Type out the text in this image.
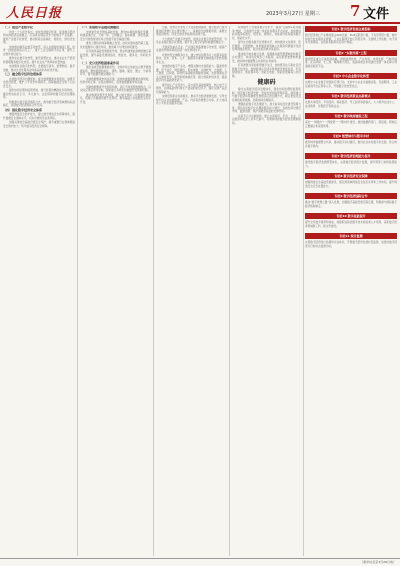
人民日报	2023年3月27日 星期三 7 文件

（二）推进产业数字化

党的二十大报告指出，加快发展数字经济，促进数字经济和实体经济深度融合，打造具有国际竞争力的数字产业集群。推进产业数字化转型，推动制造业高端化、智能化、绿色化发展。

加快推动制造业数字化转型，深入实施智能制造工程，培育一批智能制造示范工厂，推广工业互联网平台应用，提升工业软件供给能力。

推进农业数字化转型，建设智慧农业，推动农业生产经营和管理服务数字化改造，提升农业生产效率和质量效益。

加快服务业数字化转型，发展数字商务、智慧物流、数字金融，推动生活性服务业向高品质和多样化升级。

（三）健全数字经济治理体系

完善数字经济治理规则，健全数据要素市场规则，加强平台经济监管，维护公平竞争市场秩序，保障数据安全和个人信息安全。

强化协同治理和监管机制，提升监管的精准性和有效性，推动形成政府主导、多元参与、法治保障的数字经济治理格局。

积极参与数字经济国际合作，推动数字经济领域规则标准制定，拓展数字经济国际合作空间。

（四）强化数字经济安全体系

增强网络安全防护能力，建立健全网络安全保障体系，提升数据安全保障水平，切实有效防范各类风险。

加强关键信息基础设施安全保护，提升重要行业领域网络安全防护能力，筑牢数字经济安全屏障。

（一）加强数字基础设施建设

加快建设信息网络基础设施，推进5G网络规模化部署，构建高速泛在、天地一体、云网融合、智能敏捷、绿色低碳、安全可控的智能化综合性数字信息基础设施。

推进云网协同和算网融合发展，加快实施东数西算工程，优化数据中心建设布局，推进算力与网络协同建设。

有序推进基础设施智能升级，稳步构建智能高效的融合基础设施，提升基础设施网络化、智能化、服务化、协同化水平。

（二）充分发挥数据要素作用

强化高质量数据要素供给，支持市场主体依法合规开展数据采集，聚焦数据的标注、清洗、脱敏、脱密、聚合、分析等环节，提升数据资源处理能力。

加快数据要素市场化流通，加快构建数据要素市场规则，培育市场主体、完善治理体系，促进数据要素市场流通。

创新数据要素开发利用机制，适应不同类型数据特点，以实际应用需求为导向，探索建立多样化的数据开发利用机制。

推动数据资源开发利用，建立健全国家公共数据资源体系，统筹公共数据资源开发利用，推动基础公共数据安全有序开放。

当前，世界百年未有之大变局加速演进，数字经济已成为推动经济增长的主要引擎之一，是重组全球要素资源、重塑全球经济结构、改变全球竞争格局的关键力量。

大力推进产业数字化转型，加快企业数字化转型升级，引导企业强化数字化思维，提升员工数字技能和数据管理能力。

全面深化重点行业、产业园区和集群数字化转型，提高产业链协作效率和供应链一体化协同水平。

培育转型支撑服务生态，建立市场化服务与公共服务双轮驱动，技术、资本、人才、数据等多要素支撑的数字化转型服务生态。

加快推动数字产业化，增强关键技术创新能力，瞄准传感器、量子信息、网络通信、集成电路、关键软件、大数据、人工智能、区块链、新材料等战略性前瞻性领域，发挥我国社会主义制度优势、新型举国体制优势、超大规模市场优势，提高数字技术基础研发能力。

提升核心产业竞争力，着力提升基础软硬件、核心电子元器件、关键基础材料和生产装备的供给水平，强化关键产品自给保障能力。

加快培育新业态新模式，推动平台经济健康发展，引导支持平台企业加强数据、产品、内容等资源整合共享，扩大协同办公平台在线服务范围。

持续提升公共服务数字化水平，提高“互联网+政务服务”效能，全面提升全国一体化政务服务平台功能，加快推进政务服务标准化、规范化、便利化，持续提升政务服务数字化、智能化水平。

提升社会服务数字化普惠水平，加快推动文化教育、医疗健康、会展旅游、体育健身等领域公共服务资源数字化供给和网络化服务，促进优质资源共享复用。

推动数字城乡融合发展，统筹推动新型智慧城市和数字乡村建设，协同优化城乡公共服务。深化新型智慧城市建设，推动城市数据整合共享和业务协同。

打造智慧共享的新型数字生活，加快既有住宅和社区设施数字化改造，鼓励新建小区同步规划建设智能系统，打造智能楼宇、智能停车场、智能充电桩、智能垃圾箱等公共设施。

健康码

健全完善数字经济治理体系，强化协同治理和监管机制，规范数字经济发展，坚持发展和监管两手抓。探索建立与数字经济持续健康发展相适应的治理方式，制定更加灵活有效的政策措施，创新协同治理模式。

增强政府数字化治理能力，加大政务信息化建设统筹力度，强化政府数字化治理和服务能力建设，有效发挥对规范市场、鼓励创新、保护消费者权益的支撑作用。

完善多元共治新格局，建立完善政府、平台、企业、行业组织和社会公众多元参与、有效协同的数字经济治理新格局。

专栏1 数字经济发展主要指标
数字经济核心产业增加值占GDP比重、IPv6活跃用户数、千兆宽带用户数、软件和信息技术服务业规模、工业互联网平台应用普及率、全国网上零售额、电子商务交易规模、在线政务服务实名用户规模。
专栏2 “东数西算”工程
围绕国家重大区域发展战略，根据能源结构、产业布局、市场发展、气候环境等，在京津冀、长三角、粤港澳大湾区、成渝等地区布局建设全国一体化算力网络国家枢纽节点。
专栏3 中小企业数字化转型
实施中小企业数字化赋能专项行动，支持中小企业从数据采集、设备联网、工业互联网平台应用等入手，开展数字化转型试点。
专栏4 数字经济新业态新模式
发展共享经济、平台经济、智能经济、零工经济等新模式，大力培育在线办公、在线教育、远程医疗等新业态。
专栏5 数字政府建设工程
深化“一网通办”“一网统管”“一网协同”建设，推进数据跨部门、跨层级、跨地区汇聚融合和深度利用。
专栏6 智慧城市与数字乡村
推进城市数据整合共享，推动数字乡村建设，推进农业农村数字化发展，弥合城乡数字鸿沟。
专栏7 数字经济治理能力提升
建设数字经济监测预警体系，完善数字经济统计监测，提升跨部门协同监管能力。
专栏8 数字经济安全保障
加强网络安全基础设施建设，强化跨领域网络安全信息共享和工作协同，提升网络安全应急处置能力。
专栏9 数字经济国际合作
推动“数字丝绸之路”深入发展，加强数字基础设施互联互通，积极参与国际数字经济规则制定。
专栏10 数字技能提升
提升全民数字素养和技能，加强职业院校数字技术技能类人才培养，深化数字经济领域新工科、新文科建设。
专栏11 统计监测
完善数字经济统计监测和评估体系，开展数字经济发展状况监测，加强对数字经济运行的动态监测分析。
（新华社北京3月26日电）
